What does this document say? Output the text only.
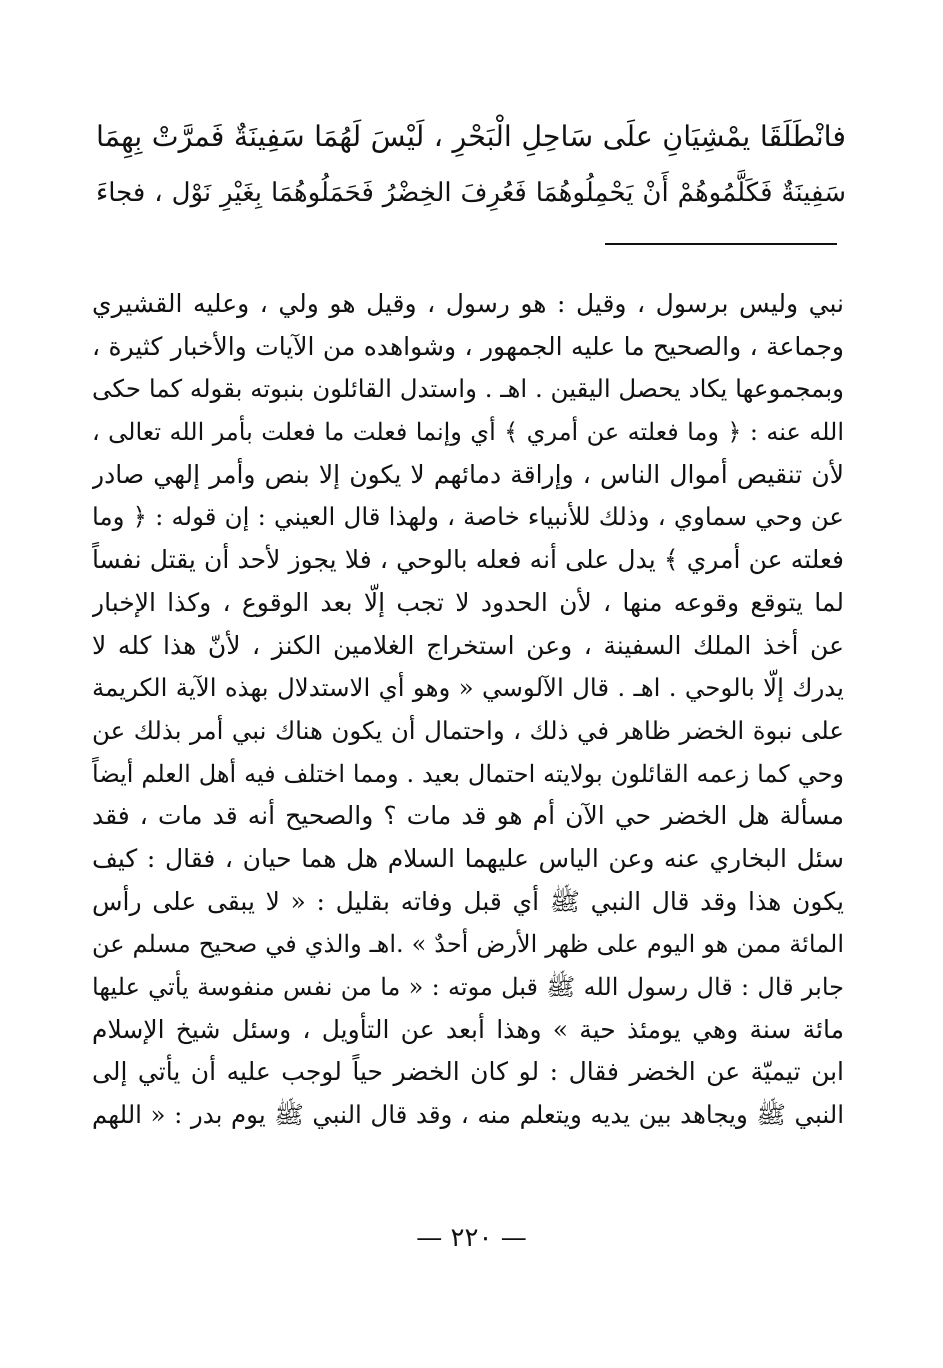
فانْطَلَقَا يمْشِيَانِ علَى سَاحِلِ الْبَحْرِ ، لَيْسَ لَهُمَا سَفِينَةٌ فَمرَّتْ بِهِمَا
سَفِينَةٌ فَكَلَّمُوهُمْ أَنْ يَحْمِلُوهُمَا فَعُرِفَ الخِضْرُ فَحَمَلُوهُمَا بِغَيْرِ نَوْل ، فجاءَ
نبي وليس برسول ، وقيل : هو رسول ، وقيل هو ولي ، وعليه القشيري
وجماعة ، والصحيح ما عليه الجمهور ، وشواهده من الآيات والأخبار كثيرة ،
وبمجموعها يكاد يحصل اليقين . اهـ . واستدل القائلون بنبوته بقوله كما حكى
الله عنه : ﴿ وما فعلته عن أمري ﴾ أي وإنما فعلت ما فعلت بأمر الله تعالى ،
لأن تنقيص أموال الناس ، وإراقة دمائهم لا يكون إلا بنص وأمر إلهي صادر
عن وحي سماوي ، وذلك للأنبياء خاصة ، ولهذا قال العيني : إن قوله : ﴿ وما
فعلته عن أمري ﴾ يدل على أنه فعله بالوحي ، فلا يجوز لأحد أن يقتل نفساً
لما يتوقع وقوعه منها ، لأن الحدود لا تجب إلّا بعد الوقوع ، وكذا الإخبار
عن أخذ الملك السفينة ، وعن استخراج الغلامين الكنز ، لأنّ هذا كله لا
يدرك إلّا بالوحي . اهـ . قال الآلوسي « وهو أي الاستدلال بهذه الآية الكريمة
على نبوة الخضر ظاهر في ذلك ، واحتمال أن يكون هناك نبي أمر بذلك عن
وحي كما زعمه القائلون بولايته احتمال بعيد . ومما اختلف فيه أهل العلم أيضاً
مسألة هل الخضر حي الآن أم هو قد مات ؟ والصحيح أنه قد مات ، فقد
سئل البخاري عنه وعن الياس عليهما السلام هل هما حيان ، فقال : كيف
يكون هذا وقد قال النبي ﷺ أي قبل وفاته بقليل : « لا يبقى على رأس
المائة ممن هو اليوم على ظهر الأرض أحدٌ » .اهـ والذي في صحيح مسلم عن
جابر قال : قال رسول الله ﷺ قبل موته : « ما من نفس منفوسة يأتي عليها
مائة سنة وهي يومئذ حية » وهذا أبعد عن التأويل ، وسئل شيخ الإسلام
ابن تيميّة عن الخضر فقال : لو كان الخضر حياً لوجب عليه أن يأتي إلى
النبي ﷺ ويجاهد بين يديه ويتعلم منه ، وقد قال النبي ﷺ يوم بدر : « اللهم
— ٢٢٠ —
